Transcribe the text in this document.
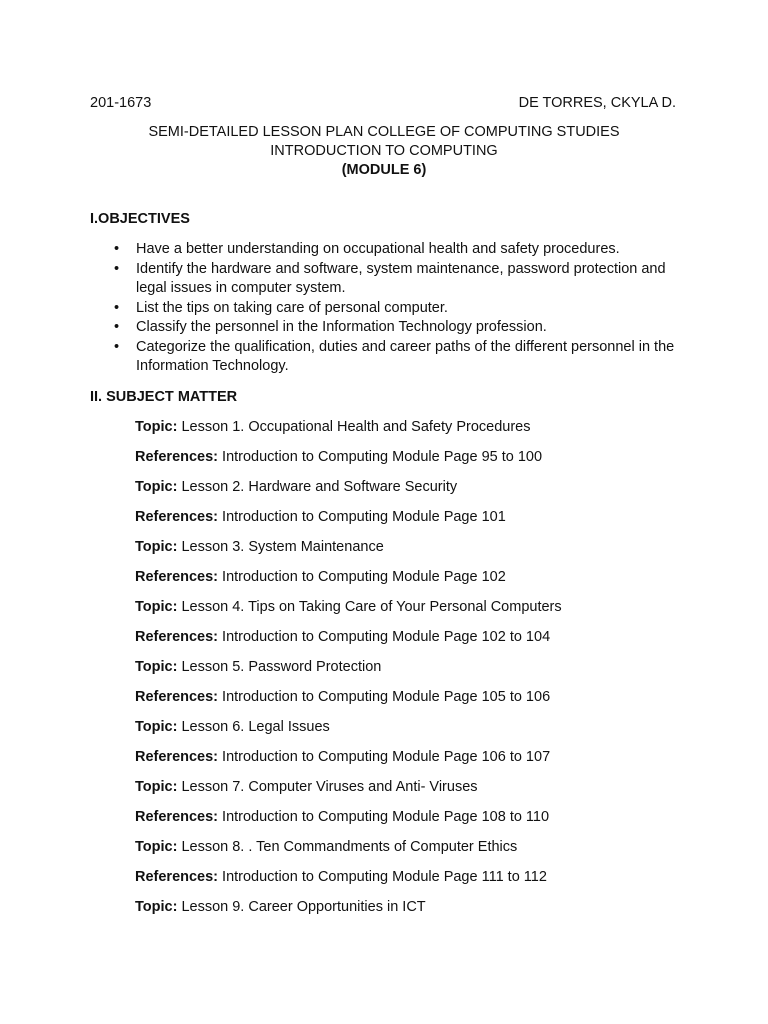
201-1673	DE TORRES, CKYLA D.
SEMI-DETAILED LESSON PLAN COLLEGE OF COMPUTING STUDIES
INTRODUCTION TO COMPUTING
(MODULE 6)
I.OBJECTIVES
• Have a better understanding on occupational health and safety procedures.
• Identify the hardware and software, system maintenance, password protection and legal issues in computer system.
• List the tips on taking care of personal computer.
• Classify the personnel in the Information Technology profession.
• Categorize the qualification, duties and career paths of the different personnel in the Information Technology.
II. SUBJECT MATTER
Topic: Lesson 1. Occupational Health and Safety Procedures
References: Introduction to Computing Module Page 95 to 100
Topic: Lesson 2. Hardware and Software Security
References: Introduction to Computing Module Page 101
Topic: Lesson 3. System Maintenance
References: Introduction to Computing Module Page 102
Topic: Lesson 4. Tips on Taking Care of Your Personal Computers
References: Introduction to Computing Module Page 102 to 104
Topic: Lesson 5. Password Protection
References: Introduction to Computing Module Page 105 to 106
Topic: Lesson 6. Legal Issues
References: Introduction to Computing Module Page 106 to 107
Topic: Lesson 7. Computer Viruses and Anti- Viruses
References: Introduction to Computing Module Page 108 to 110
Topic: Lesson 8. . Ten Commandments of Computer Ethics
References: Introduction to Computing Module Page 111 to 112
Topic: Lesson 9. Career Opportunities in ICT
